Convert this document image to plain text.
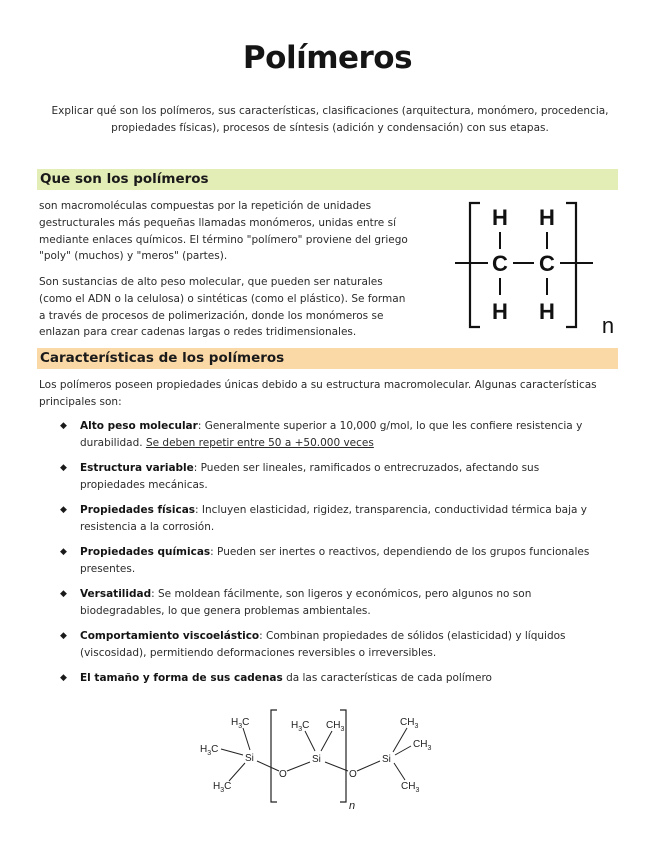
Polímeros
Explicar qué son los polímeros, sus características, clasificaciones (arquitectura, monómero, procedencia, propiedades físicas), procesos de síntesis (adición y condensación) con sus etapas.
Que son los polímeros
son macromoléculas compuestas por la repetición de unidades gestructurales más pequeñas llamadas monómeros, unidas entre sí mediante enlaces químicos. El término "polímero" proviene del griego "poly" (muchos) y "meros" (partes).
Son sustancias de alto peso molecular, que pueden ser naturales (como el ADN o la celulosa) o sintéticas (como el plástico). Se forman a través de procesos de polimerización, donde los monómeros se enlazan para crear cadenas largas o redes tridimensionales.
H H
C C
H H
n
Características de los polímeros
Los polímeros poseen propiedades únicas debido a su estructura macromolecular. Algunas características principales son:
◆ Alto peso molecular: Generalmente superior a 10,000 g/mol, lo que les confiere resistencia y durabilidad. Se deben repetir entre 50 a +50.000 veces
◆ Estructura variable: Pueden ser lineales, ramificados o entrecruzados, afectando sus propiedades mecánicas.
◆ Propiedades físicas: Incluyen elasticidad, rigidez, transparencia, conductividad térmica baja y resistencia a la corrosión.
◆ Propiedades químicas: Pueden ser inertes o reactivos, dependiendo de los grupos funcionales presentes.
◆ Versatilidad: Se moldean fácilmente, son ligeros y económicos, pero algunos no son biodegradables, lo que genera problemas ambientales.
◆ Comportamiento viscoelástico: Combinan propiedades de sólidos (elasticidad) y líquidos (viscosidad), permitiendo deformaciones reversibles o irreversibles.
◆ El tamaño y forma de sus cadenas da las características de cada polímero
$H_3C$
$H_3C$
$H_3C$
Si
$H_3C$ $CH_3$
Si
O	O
$CH_3$
$CH_3$
$CH_3$
Si
n
